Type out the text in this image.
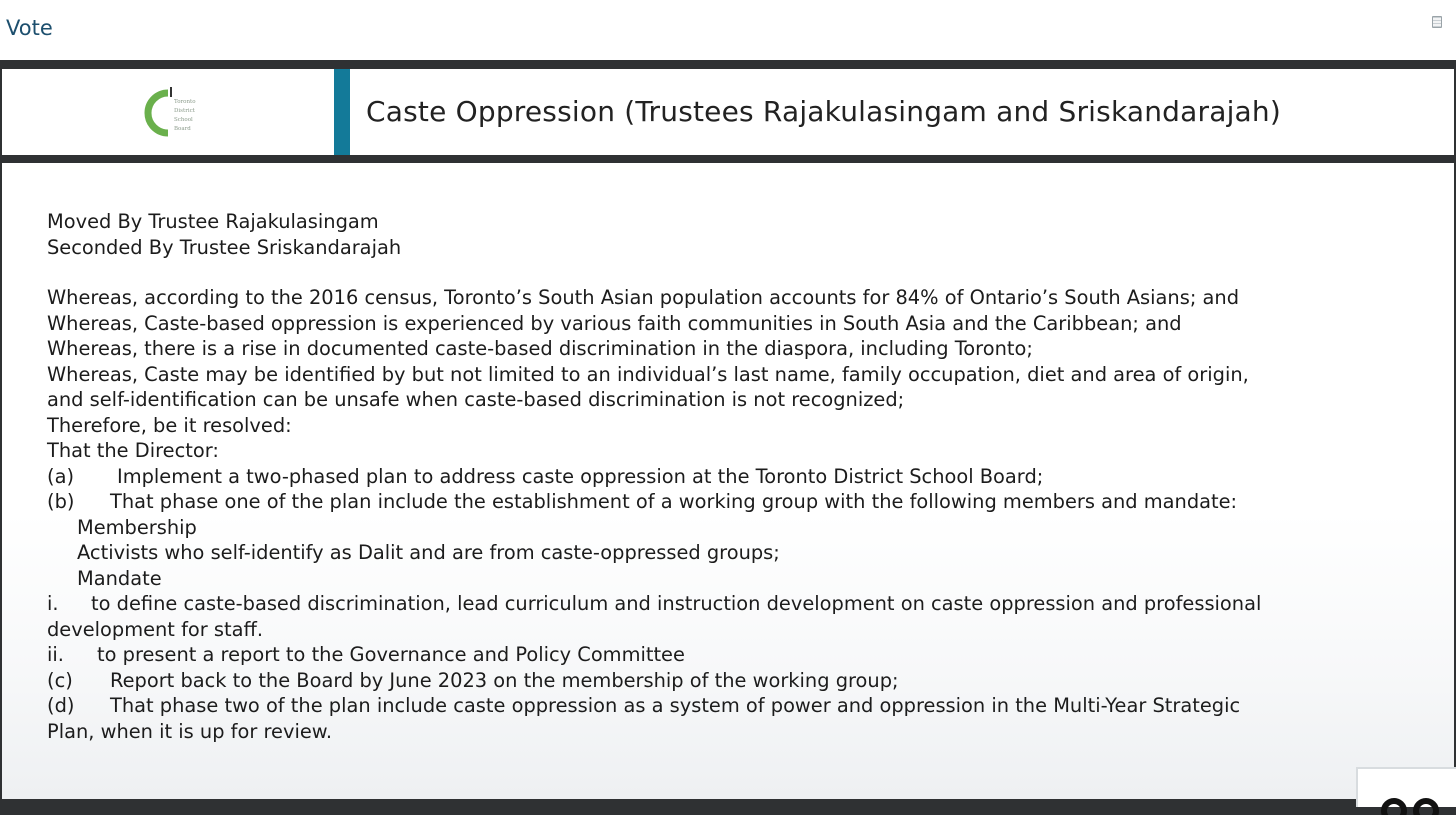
Vote
Toronto
District
School
Board
Caste Oppression (Trustees Rajakulasingam and Sriskandarajah)

Moved By Trustee Rajakulasingam

Seconded By Trustee Sriskandarajah

Whereas, according to the 2016 census, Toronto’s South Asian population accounts for 84% of Ontario’s South Asians; and

Whereas, Caste-based oppression is experienced by various faith communities in South Asia and the Caribbean; and

Whereas, there is a rise in documented caste-based discrimination in the diaspora, including Toronto;

Whereas, Caste may be identified by but not limited to an individual’s last name, family occupation, diet and area of origin,

and self-identification can be unsafe when caste-based discrimination is not recognized;

Therefore, be it resolved:

That the Director:

(a) Implement a two-phased plan to address caste oppression at the Toronto District School Board;

(b) That phase one of the plan include the establishment of a working group with the following members and mandate:

Membership

Activists who self-identify as Dalit and are from caste-oppressed groups;

Mandate

i. to define caste-based discrimination, lead curriculum and instruction development on caste oppression and professional

development for staff.

ii. to present a report to the Governance and Policy Committee

(c) Report back to the Board by June 2023 on the membership of the working group;

(d) That phase two of the plan include caste oppression as a system of power and oppression in the Multi-Year Strategic

Plan, when it is up for review.
